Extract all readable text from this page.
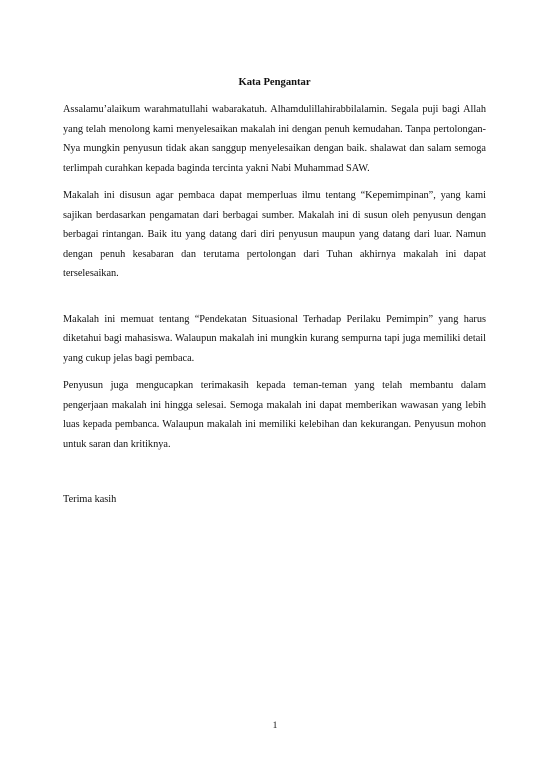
Kata Pengantar

Assalamu’alaikum warahmatullahi wabarakatuh. Alhamdulillahirabbilalamin. Segala puji bagi Allah yang telah menolong kami menyelesaikan makalah ini dengan penuh kemudahan. Tanpa pertolongan-Nya mungkin penyusun tidak akan sanggup menyelesaikan dengan baik. shalawat dan salam semoga terlimpah curahkan kepada baginda tercinta yakni Nabi Muhammad SAW.

Makalah ini disusun agar pembaca dapat memperluas ilmu tentang “Kepemimpinan”, yang kami sajikan berdasarkan pengamatan dari berbagai sumber. Makalah ini di susun oleh penyusun dengan berbagai rintangan. Baik itu yang datang dari diri penyusun maupun yang datang dari luar. Namun dengan penuh kesabaran dan terutama pertolongan dari Tuhan akhirnya makalah ini dapat terselesaikan.

Makalah ini memuat tentang “Pendekatan Situasional Terhadap Perilaku Pemimpin” yang harus diketahui bagi mahasiswa. Walaupun makalah ini mungkin kurang sempurna tapi juga memiliki detail yang cukup jelas bagi pembaca.

Penyusun juga mengucapkan terimakasih kepada teman-teman yang telah membantu dalam pengerjaan makalah ini hingga selesai. Semoga makalah ini dapat memberikan wawasan yang lebih luas kepada pembanca. Walaupun makalah ini memiliki kelebihan dan kekurangan. Penyusun mohon untuk saran dan kritiknya.

Terima kasih
1
